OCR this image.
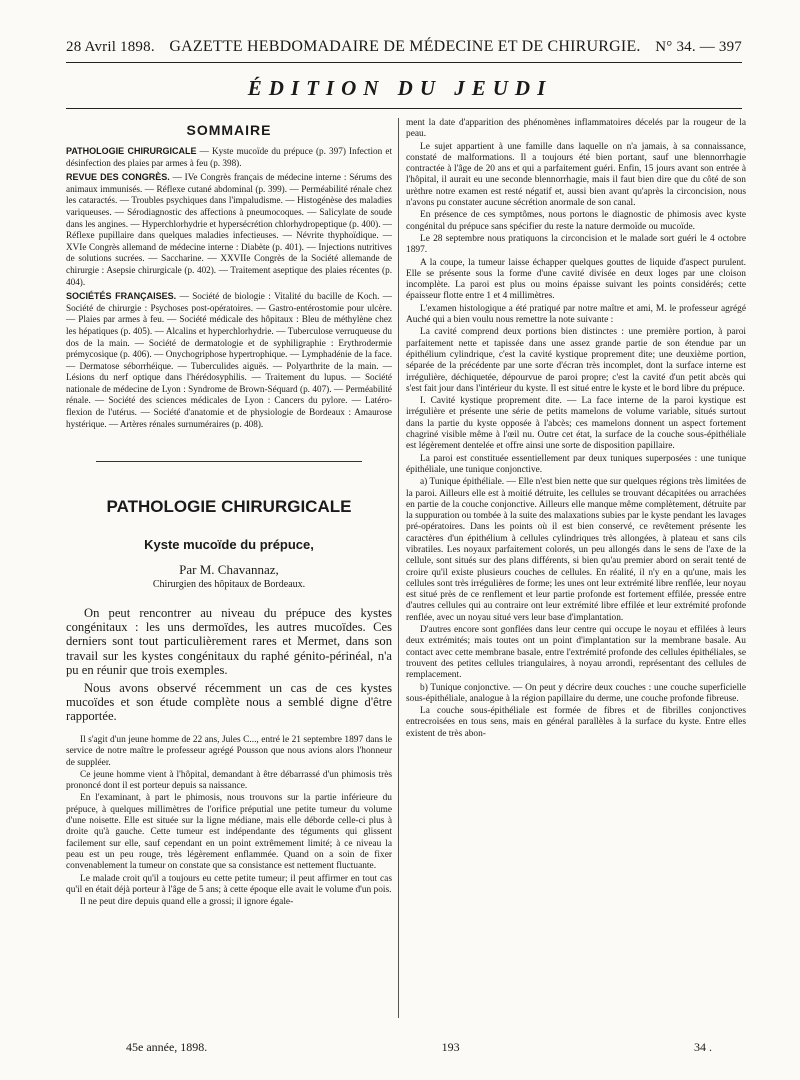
28 Avril 1898. GAZETTE HEBDOMADAIRE DE MÉDECINE ET DE CHIRURGIE. N° 34. — 397
ÉDITION DU JEUDI
SOMMAIRE

PATHOLOGIE CHIRURGICALE — Kyste mucoïde du prépuce (p. 397) Infection et désinfection des plaies par armes à feu (p. 398).

REVUE DES CONGRÈS. — IVe Congrès français de médecine interne : Sérums des animaux immunisés. — Réflexe cutané abdominal (p. 399). — Perméabilité rénale chez les cataractés. — Troubles psychiques dans l'impaludisme. — Histogénèse des maladies variqueuses. — Sérodiagnostic des affections à pneumocoques. — Salicylate de soude dans les angines. — Hyperchlorhydrie et hypersécrétion chlorhydropeptique (p. 400). — Réflexe pupillaire dans quelques maladies infectieuses. — Névrite thyphoïdique. — XVIe Congrès allemand de médecine interne : Diabète (p. 401). — Injections nutritives de solutions sucrées. — Saccharine. — XXVIIe Congrès de la Société allemande de chirurgie : Asepsie chirurgicale (p. 402). — Traitement aseptique des plaies récentes (p. 404).

SOCIÉTÉS FRANÇAISES. — Société de biologie : Vitalité du bacille de Koch. — Société de chirurgie : Psychoses post-opératoires. — Gastro-entérostomie pour ulcère. — Plaies par armes à feu. — Société médicale des hôpitaux : Bleu de méthylène chez les hépatiques (p. 405). — Alcalins et hyperchlorhydrie. — Tuberculose verruqueuse du dos de la main. — Société de dermatologie et de syphiligraphie : Erythrodermie prémycosique (p. 406). — Onychogriphose hypertrophique. — Lymphadénie de la face. — Dermatose séborrhéique. — Tuberculides aiguës. — Polyarthrite de la main. — Lésions du nerf optique dans l'hérédosyphilis. — Traitement du lupus. — Société nationale de médecine de Lyon : Syndrome de Brown-Séquard (p. 407). — Perméabilité rénale. — Société des sciences médicales de Lyon : Cancers du pylore. — Latéro-flexion de l'utérus. — Société d'anatomie et de physiologie de Bordeaux : Amaurose hystérique. — Artères rénales surnuméraires (p. 408).

PATHOLOGIE CHIRURGICALE
Kyste mucoïde du prépuce,
Par M. Chavannaz,
Chirurgien des hôpitaux de Bordeaux.

On peut rencontrer au niveau du prépuce des kystes congénitaux : les uns dermoïdes, les autres mucoïdes. Ces derniers sont tout particulièrement rares et Mermet, dans son travail sur les kystes congénitaux du raphé génito-périnéal, n'a pu en réunir que trois exemples.

Nous avons observé récemment un cas de ces kystes mucoïdes et son étude complète nous a semblé digne d'être rapportée.

Il s'agit d'un jeune homme de 22 ans, Jules C..., entré le 21 septembre 1897 dans le service de notre maître le professeur agrégé Pousson que nous avions alors l'honneur de suppléer.

Ce jeune homme vient à l'hôpital, demandant à être débarrassé d'un phimosis très prononcé dont il est porteur depuis sa naissance.

En l'examinant, à part le phimosis, nous trouvons sur la partie inférieure du prépuce, à quelques millimètres de l'orifice préputial une petite tumeur du volume d'une noisette. Elle est située sur la ligne médiane, mais elle déborde celle-ci plus à droite qu'à gauche. Cette tumeur est indépendante des téguments qui glissent facilement sur elle, sauf cependant en un point extrêmement limité; à ce niveau la peau est un peu rouge, très légèrement enflammée. Quand on a soin de fixer convenablement la tumeur on constate que sa consistance est nettement fluctuante.

Le malade croit qu'il a toujours eu cette petite tumeur; il peut affirmer en tout cas qu'il en était déjà porteur à l'âge de 5 ans; à cette époque elle avait le volume d'un pois.

Il ne peut dire depuis quand elle a grossi; il ignore égale-

ment la date d'apparition des phénomènes inflammatoires décelés par la rougeur de la peau.

Le sujet appartient à une famille dans laquelle on n'a jamais, à sa connaissance, constaté de malformations. Il a toujours été bien portant, sauf une blennorrhagie contractée à l'âge de 20 ans et qui a parfaitement guéri. Enfin, 15 jours avant son entrée à l'hôpital, il aurait eu une seconde blennorrhagie, mais il faut bien dire que du côté de son urèthre notre examen est resté négatif et, aussi bien avant qu'après la circoncision, nous n'avons pu constater aucune sécrétion anormale de son canal.

En présence de ces symptômes, nous portons le diagnostic de phimosis avec kyste congénital du prépuce sans spécifier du reste la nature dermoïde ou mucoïde.

Le 28 septembre nous pratiquons la circoncision et le malade sort guéri le 4 octobre 1897.

A la coupe, la tumeur laisse échapper quelques gouttes de liquide d'aspect purulent. Elle se présente sous la forme d'une cavité divisée en deux loges par une cloison incomplète. La paroi est plus ou moins épaisse suivant les points considérés; cette épaisseur flotte entre 1 et 4 millimètres.

L'examen histologique a été pratiqué par notre maître et ami, M. le professeur agrégé Auché qui a bien voulu nous remettre la note suivante :

La cavité comprend deux portions bien distinctes : une première portion, à paroi parfaitement nette et tapissée dans une assez grande partie de son étendue par un épithélium cylindrique, c'est la cavité kystique proprement dite; une deuxième portion, séparée de la précédente par une sorte d'écran très incomplet, dont la surface interne est irrégulière, déchiquetée, dépourvue de paroi propre; c'est la cavité d'un petit abcès qui s'est fait jour dans l'intérieur du kyste. Il est situé entre le kyste et le bord libre du prépuce.

I. Cavité kystique proprement dite. — La face interne de la paroi kystique est irrégulière et présente une série de petits mamelons de volume variable, situés surtout dans la partie du kyste opposée à l'abcès; ces mamelons donnent un aspect fortement chagriné visible même à l'œil nu. Outre cet état, la surface de la couche sous-épithéliale est légèrement dentelée et offre ainsi une sorte de disposition papillaire.

La paroi est constituée essentiellement par deux tuniques superposées : une tunique épithéliale, une tunique conjonctive.

a) Tunique épithéliale. — Elle n'est bien nette que sur quelques régions très limitées de la paroi. Ailleurs elle est à moitié détruite, les cellules se trouvant décapitées ou arrachées en partie de la couche conjonctive. Ailleurs elle manque même complètement, détruite par la suppuration ou tombée à la suite des malaxations subies par le kyste pendant les lavages pré-opératoires. Dans les points où il est bien conservé, ce revêtement présente les caractères d'un épithélium à cellules cylindriques très allongées, à plateau et sans cils vibratiles. Les noyaux parfaitement colorés, un peu allongés dans le sens de l'axe de la cellule, sont situés sur des plans différents, si bien qu'au premier abord on serait tenté de croire qu'il existe plusieurs couches de cellules. En réalité, il n'y en a qu'une, mais les cellules sont très irrégulières de forme; les unes ont leur extrémité libre renflée, leur noyau est situé près de ce renflement et leur partie profonde est fortement effilée, pressée entre d'autres cellules qui au contraire ont leur extrémité libre effilée et leur extrémité profonde renflée, avec un noyau situé vers leur base d'implantation.

D'autres encore sont gonflées dans leur centre qui occupe le noyau et effilées à leurs deux extrémités; mais toutes ont un point d'implantation sur la membrane basale. Au contact avec cette membrane basale, entre l'extrémité profonde des cellules épithéliales, se trouvent des petites cellules triangulaires, à noyau arrondi, représentant des cellules de remplacement.

b) Tunique conjonctive. — On peut y décrire deux couches : une couche superficielle sous-épithéliale, analogue à la région papillaire du derme, une couche profonde fibreuse.

La couche sous-épithéliale est formée de fibres et de fibrilles conjonctives entrecroisées en tous sens, mais en général parallèles à la surface du kyste. Entre elles existent de très abon-

45e année, 1898.	193	34 .
